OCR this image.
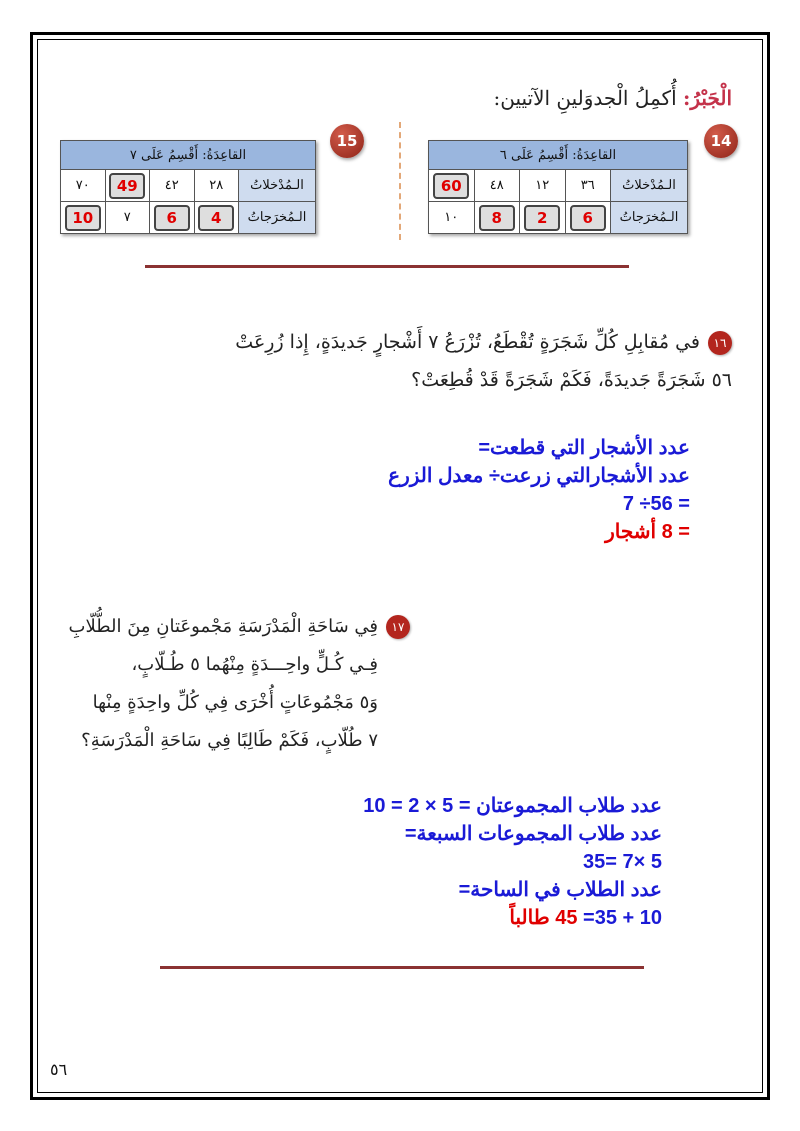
الْجَبْرُ: أُكمِلُ الْجدوَلينِ الآتيين:
14
15
القاعِدَةُ: أَقْسِمُ عَلَى ٦				
الـمُدْخلاتُ	٣٦	١٢	٤٨	60
الـمُخرَجاتُ	6	2	8	١٠
القاعِدَةُ: أَقْسِمُ عَلَى ٧				
الـمُدْخلاتُ	٢٨	٤٢	49	٧٠
الـمُخرَجاتُ	4	6	٧	10
١٦في مُقابِلِ كُلِّ شَجَرَةٍ تُقْطَعُ، تُزْرَعُ ٧ أَشْجارٍ جَديدَةٍ، إِذا زُرِعَتْ
٥٦ شَجَرَةً جَديدَةً، فَكَمْ شَجَرَةً قَدْ قُطِعَتْ؟
عدد الأشجار التي قطعت=
عدد الأشجارالتي زرعت÷ معدل الزرع
= 56÷ 7
= 8 أشجار
١٧فِي سَاحَةِ الْمَدْرَسَةِ مَجْموعَتانِ مِنَ الطُّلّابِ
فِـي كُـلٍّ واحِـــدَةٍ مِنْهُما ٥ طُـلّابٍ،
وَ٥ مَجْمُوعَاتٍ أُخْرَى فِي كُلِّ واحِدَةٍ مِنْها
٧ طُلّابٍ، فَكَمْ طَالِبًا فِي سَاحَةِ الْمَدْرَسَةِ؟
عدد طلاب المجموعتان = 5 × 2 = 10
عدد طلاب المجموعات السبعة=
5 ×7 =35
عدد الطلاب في الساحة=
10 + 35= 45 طالباً
٥٦
